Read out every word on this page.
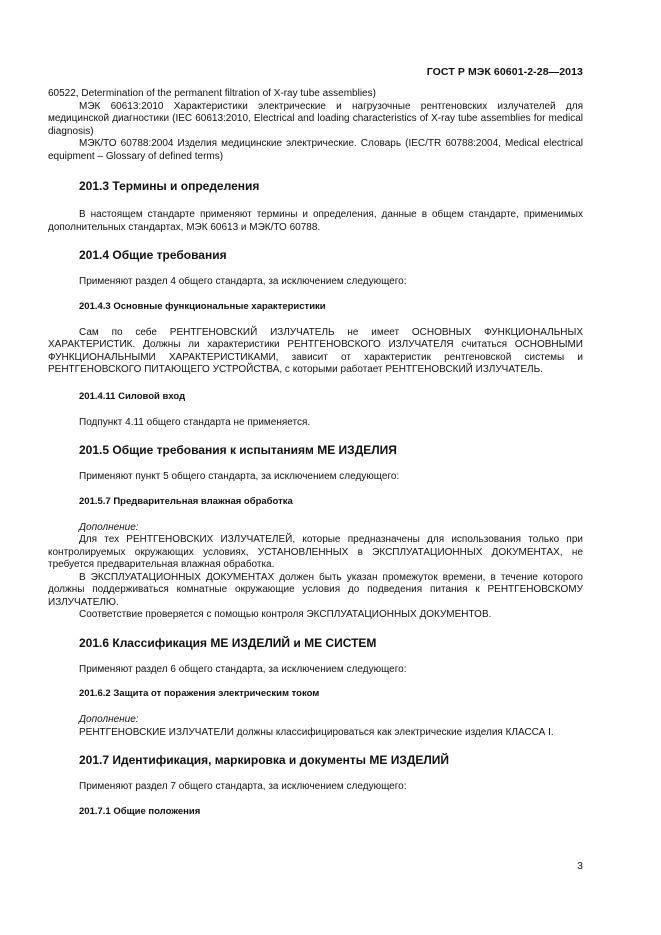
ГОСТ Р МЭК 60601-2-28—2013

60522, Determination of the permanent filtration of X-ray tube assemblies)

МЭК 60613:2010 Характеристики электрические и нагрузочные рентгеновских излучателей для медицинской диагностики (IEC 60613:2010, Electrical and loading characteristics of X-ray tube assemblies for medical diagnosis)

МЭК/ТО 60788:2004 Изделия медицинские электрические. Словарь (IEC/TR 60788:2004, Medical electrical equipment – Glossary of defined terms)

201.3 Термины и определения

В настоящем стандарте применяют термины и определения, данные в общем стандарте, применимых дополнительных стандартах, МЭК 60613 и МЭК/ТО 60788.

201.4 Общие требования

Применяют раздел 4 общего стандарта, за исключением следующего:

201.4.3 Основные функциональные характеристики

Сам по себе РЕНТГЕНОВСКИЙ ИЗЛУЧАТЕЛЬ не имеет ОСНОВНЫХ ФУНКЦИОНАЛЬНЫХ ХАРАКТЕРИСТИК. Должны ли характеристики РЕНТГЕНОВСКОГО ИЗЛУЧАТЕЛЯ считаться ОСНОВНЫМИ ФУНКЦИОНАЛЬНЫМИ ХАРАКТЕРИСТИКАМИ, зависит от характеристик рентгеновской системы и РЕНТГЕНОВСКОГО ПИТАЮЩЕГО УСТРОЙСТВА, с которыми работает РЕНТГЕНОВСКИЙ ИЗЛУЧАТЕЛЬ.

201.4.11 Силовой вход

Подпункт 4.11 общего стандарта не применяется.

201.5 Общие требования к испытаниям МЕ ИЗДЕЛИЯ

Применяют пункт 5 общего стандарта, за исключением следующего:

201.5.7 Предварительная влажная обработка

Дополнение:

Для тех РЕНТГЕНОВСКИХ ИЗЛУЧАТЕЛЕЙ, которые предназначены для использования только при контролируемых окружающих условиях, УСТАНОВЛЕННЫХ в ЭКСПЛУАТАЦИОННЫХ ДОКУМЕНТАХ, не требуется предварительная влажная обработка.

В ЭКСПЛУАТАЦИОННЫХ ДОКУМЕНТАХ должен быть указан промежуток времени, в течение которого должны поддерживаться комнатные окружающие условия до подведения питания к РЕНТГЕНОВСКОМУ ИЗЛУЧАТЕЛЮ.

Соответствие проверяется с помощью контроля ЭКСПЛУАТАЦИОННЫХ ДОКУМЕНТОВ.

201.6 Классификация МЕ ИЗДЕЛИЙ и МЕ СИСТЕМ

Применяют раздел 6 общего стандарта, за исключением следующего:

201.6.2 Защита от поражения электрическим током

Дополнение:

РЕНТГЕНОВСКИЕ ИЗЛУЧАТЕЛИ должны классифицироваться как электрические изделия КЛАССА I.

201.7 Идентификация, маркировка и документы МЕ ИЗДЕЛИЙ

Применяют раздел 7 общего стандарта, за исключением следующего:

201.7.1 Общие положения
3
